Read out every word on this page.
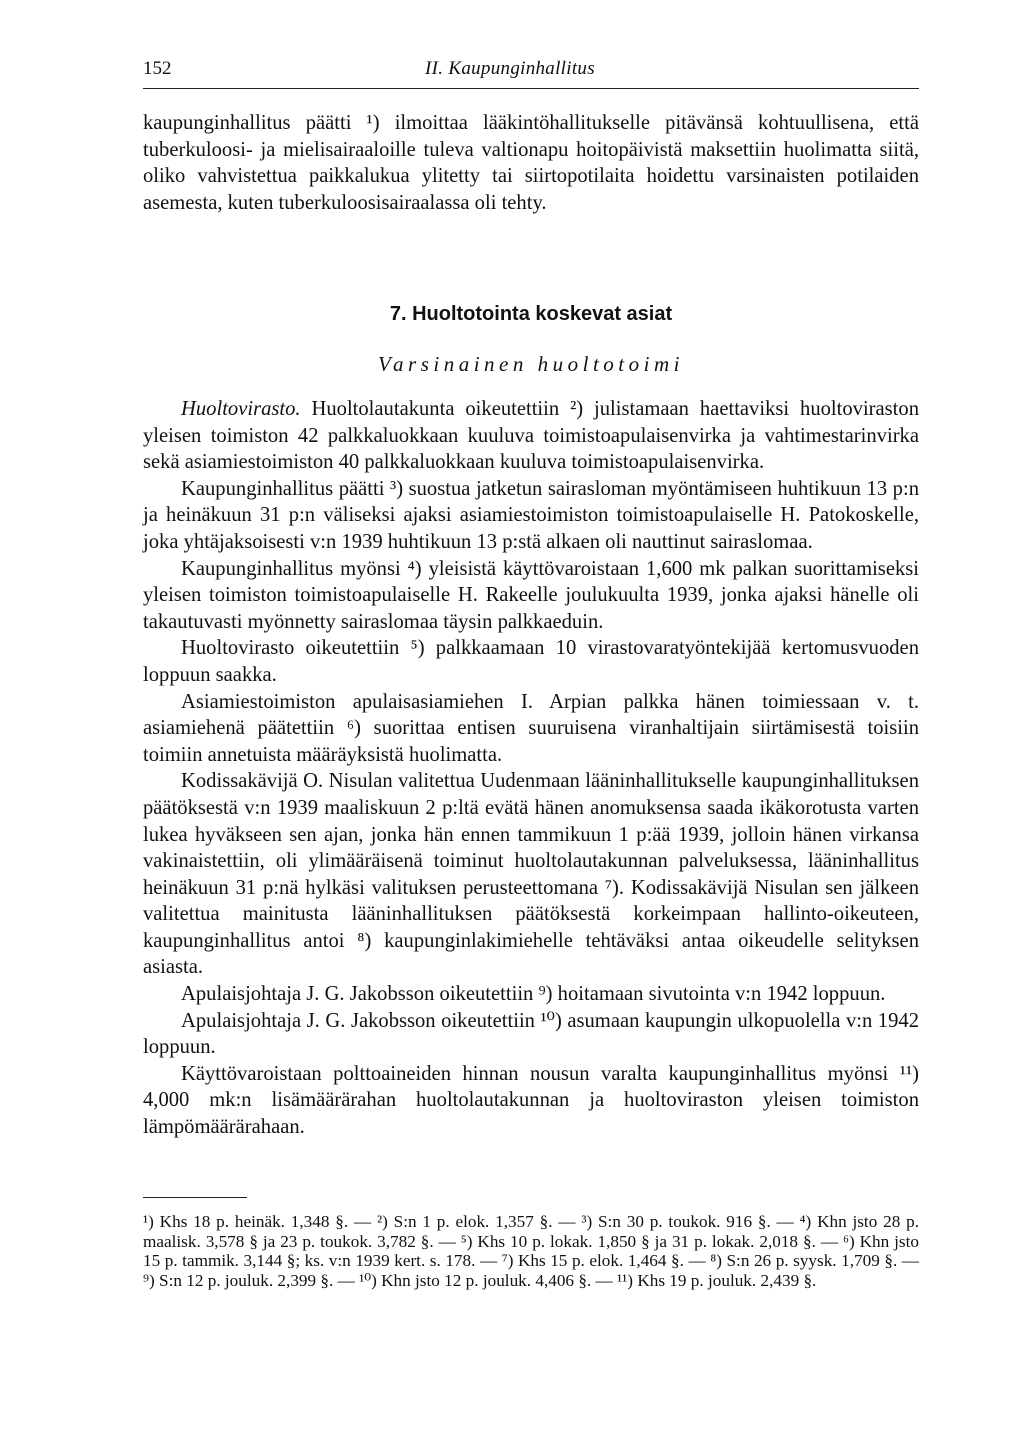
152	II. Kaupunginhallitus

kaupunginhallitus päätti ¹) ilmoittaa lääkintöhallitukselle pitävänsä kohtuullisena, että tuberkuloosi- ja mielisairaaloille tuleva valtionapu hoitopäivistä maksettiin huolimatta siitä, oliko vahvistettua paikkalukua ylitetty tai siirtopotilaita hoidettu varsinaisten potilaiden asemesta, kuten tuberkuloosisairaalassa oli tehty.

7. Huoltotointa koskevat asiat
Varsinainen huoltotoimi

Huoltovirasto. Huoltolautakunta oikeutettiin ²) julistamaan haettaviksi huoltoviraston yleisen toimiston 42 palkkaluokkaan kuuluva toimistoapulaisenvirka ja vahtimestarinvirka sekä asiamiestoimiston 40 palkkaluokkaan kuuluva toimistoapulaisenvirka.

Kaupunginhallitus päätti ³) suostua jatketun sairasloman myöntämiseen huhtikuun 13 p:n ja heinäkuun 31 p:n väliseksi ajaksi asiamiestoimiston toimistoapulaiselle H. Patokoskelle, joka yhtäjaksoisesti v:n 1939 huhtikuun 13 p:stä alkaen oli nauttinut sairaslomaa.

Kaupunginhallitus myönsi ⁴) yleisistä käyttövaroistaan 1,600 mk palkan suorittamiseksi yleisen toimiston toimistoapulaiselle H. Rakeelle joulukuulta 1939, jonka ajaksi hänelle oli takautuvasti myönnetty sairaslomaa täysin palkkaeduin.

Huoltovirasto oikeutettiin ⁵) palkkaamaan 10 virastovaratyöntekijää kertomusvuoden loppuun saakka.

Asiamiestoimiston apulaisasiamiehen I. Arpian palkka hänen toimiessaan v. t. asiamiehenä päätettiin ⁶) suorittaa entisen suuruisena viranhaltijain siirtämisestä toisiin toimiin annetuista määräyksistä huolimatta.

Kodissakävijä O. Nisulan valitettua Uudenmaan lääninhallitukselle kaupunginhallituksen päätöksestä v:n 1939 maaliskuun 2 p:ltä evätä hänen anomuksensa saada ikäkorotusta varten lukea hyväkseen sen ajan, jonka hän ennen tammikuun 1 p:ää 1939, jolloin hänen virkansa vakinaistettiin, oli ylimääräisenä toiminut huoltolautakunnan palveluksessa, lääninhallitus heinäkuun 31 p:nä hylkäsi valituksen perusteettomana ⁷). Kodissakävijä Nisulan sen jälkeen valitettua mainitusta lääninhallituksen päätöksestä korkeimpaan hallinto-oikeuteen, kaupunginhallitus antoi ⁸) kaupunginlakimiehelle tehtäväksi antaa oikeudelle selityksen asiasta.

Apulaisjohtaja J. G. Jakobsson oikeutettiin ⁹) hoitamaan sivutointa v:n 1942 loppuun.

Apulaisjohtaja J. G. Jakobsson oikeutettiin ¹⁰) asumaan kaupungin ulkopuolella v:n 1942 loppuun.

Käyttövaroistaan polttoaineiden hinnan nousun varalta kaupunginhallitus myönsi ¹¹) 4,000 mk:n lisämäärärahan huoltolautakunnan ja huoltoviraston yleisen toimiston lämpömäärärahaan.

¹) Khs 18 p. heinäk. 1,348 §. — ²) S:n 1 p. elok. 1,357 §. — ³) S:n 30 p. toukok. 916 §. — ⁴) Khn jsto 28 p. maalisk. 3,578 § ja 23 p. toukok. 3,782 §. — ⁵) Khs 10 p. lokak. 1,850 § ja 31 p. lokak. 2,018 §. — ⁶) Khn jsto 15 p. tammik. 3,144 §; ks. v:n 1939 kert. s. 178. — ⁷) Khs 15 p. elok. 1,464 §. — ⁸) S:n 26 p. syysk. 1,709 §. — ⁹) S:n 12 p. jouluk. 2,399 §. — ¹⁰) Khn jsto 12 p. jouluk. 4,406 §. — ¹¹) Khs 19 p. jouluk. 2,439 §.
